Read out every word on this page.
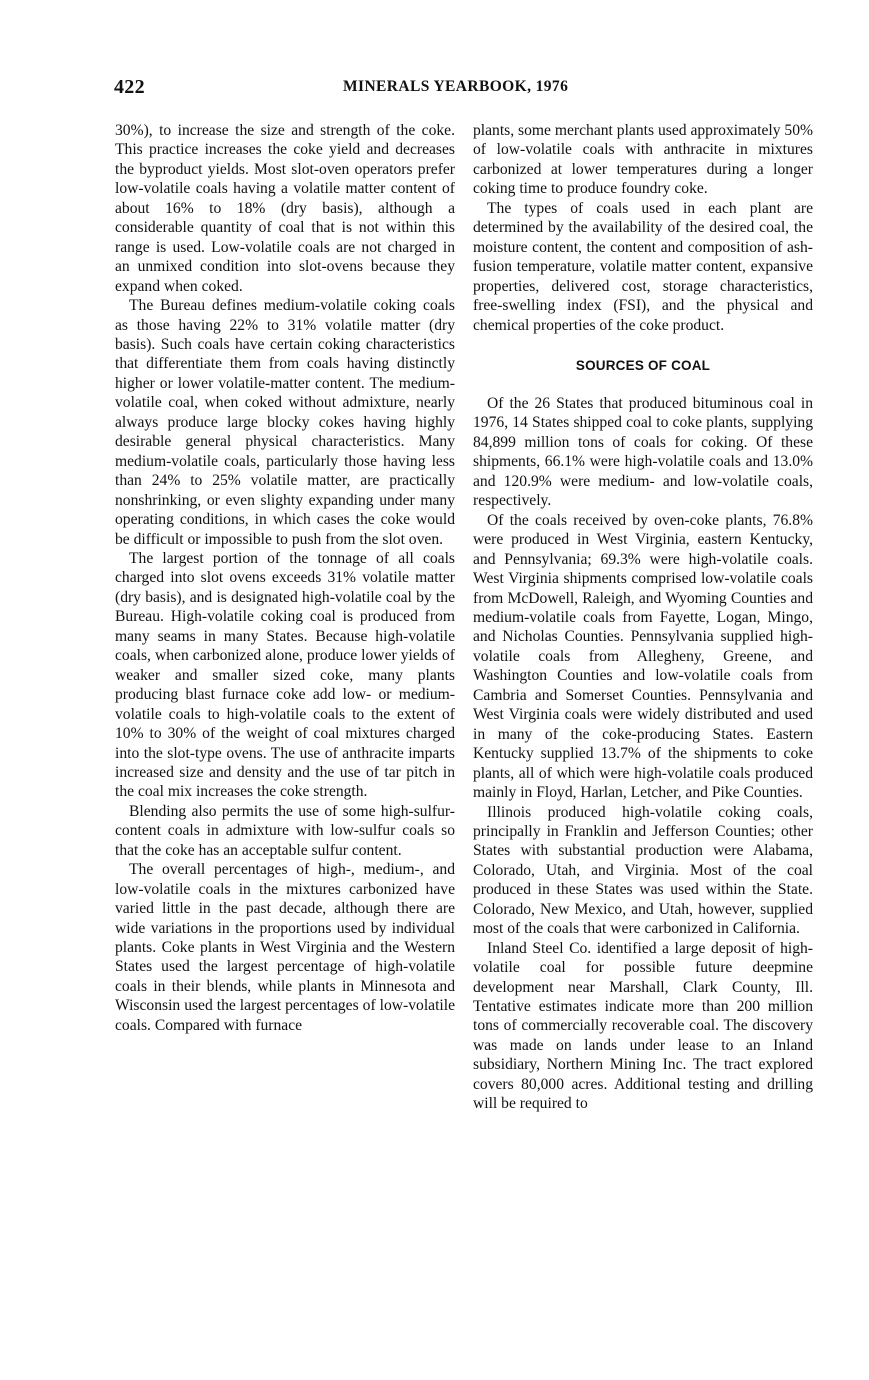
422	MINERALS YEARBOOK, 1976

30%), to increase the size and strength of the coke. This practice increases the coke yield and decreases the byproduct yields. Most slot-oven operators prefer low-volatile coals having a volatile matter content of about 16% to 18% (dry basis), although a considerable quantity of coal that is not within this range is used. Low-volatile coals are not charged in an unmixed condition into slot-ovens because they expand when coked.

The Bureau defines medium-volatile coking coals as those having 22% to 31% volatile matter (dry basis). Such coals have certain coking characteristics that differentiate them from coals having distinctly higher or lower volatile-matter content. The medium-volatile coal, when coked without admixture, nearly always produce large blocky cokes having highly desirable general physical characteristics. Many medium-volatile coals, particularly those having less than 24% to 25% volatile matter, are practically nonshrinking, or even slighty expanding under many operating conditions, in which cases the coke would be difficult or impossible to push from the slot oven.

The largest portion of the tonnage of all coals charged into slot ovens exceeds 31% volatile matter (dry basis), and is designated high-volatile coal by the Bureau. High-volatile coking coal is produced from many seams in many States. Because high-volatile coals, when carbonized alone, produce lower yields of weaker and smaller sized coke, many plants producing blast furnace coke add low- or medium-volatile coals to high-volatile coals to the extent of 10% to 30% of the weight of coal mixtures charged into the slot-type ovens. The use of anthracite imparts increased size and density and the use of tar pitch in the coal mix increases the coke strength.

Blending also permits the use of some high-sulfur-content coals in admixture with low-sulfur coals so that the coke has an acceptable sulfur content.

The overall percentages of high-, medium-, and low-volatile coals in the mixtures carbonized have varied little in the past decade, although there are wide variations in the proportions used by individual plants. Coke plants in West Virginia and the Western States used the largest percentage of high-volatile coals in their blends, while plants in Minnesota and Wisconsin used the largest percentages of low-volatile coals. Compared with furnace

plants, some merchant plants used approximately 50% of low-volatile coals with anthracite in mixtures carbonized at lower temperatures during a longer coking time to produce foundry coke.

The types of coals used in each plant are determined by the availability of the desired coal, the moisture content, the content and composition of ash-fusion temperature, volatile matter content, expansive properties, delivered cost, storage characteristics, free-swelling index (FSI), and the physical and chemical properties of the coke product.

SOURCES OF COAL

Of the 26 States that produced bituminous coal in 1976, 14 States shipped coal to coke plants, supplying 84,899 million tons of coals for coking. Of these shipments, 66.1% were high-volatile coals and 13.0% and 120.9% were medium- and low-volatile coals, respectively.

Of the coals received by oven-coke plants, 76.8% were produced in West Virginia, eastern Kentucky, and Pennsylvania; 69.3% were high-volatile coals. West Virginia shipments comprised low-volatile coals from McDowell, Raleigh, and Wyoming Counties and medium-volatile coals from Fayette, Logan, Mingo, and Nicholas Counties. Pennsylvania supplied high-volatile coals from Allegheny, Greene, and Washington Counties and low-volatile coals from Cambria and Somerset Counties. Pennsylvania and West Virginia coals were widely distributed and used in many of the coke-producing States. Eastern Kentucky supplied 13.7% of the shipments to coke plants, all of which were high-volatile coals produced mainly in Floyd, Harlan, Letcher, and Pike Counties.

Illinois produced high-volatile coking coals, principally in Franklin and Jefferson Counties; other States with substantial production were Alabama, Colorado, Utah, and Virginia. Most of the coal produced in these States was used within the State. Colorado, New Mexico, and Utah, however, supplied most of the coals that were carbonized in California.

Inland Steel Co. identified a large deposit of high-volatile coal for possible future deepmine development near Marshall, Clark County, Ill. Tentative estimates indicate more than 200 million tons of commercially recoverable coal. The discovery was made on lands under lease to an Inland subsidiary, Northern Mining Inc. The tract explored covers 80,000 acres. Additional testing and drilling will be required to
